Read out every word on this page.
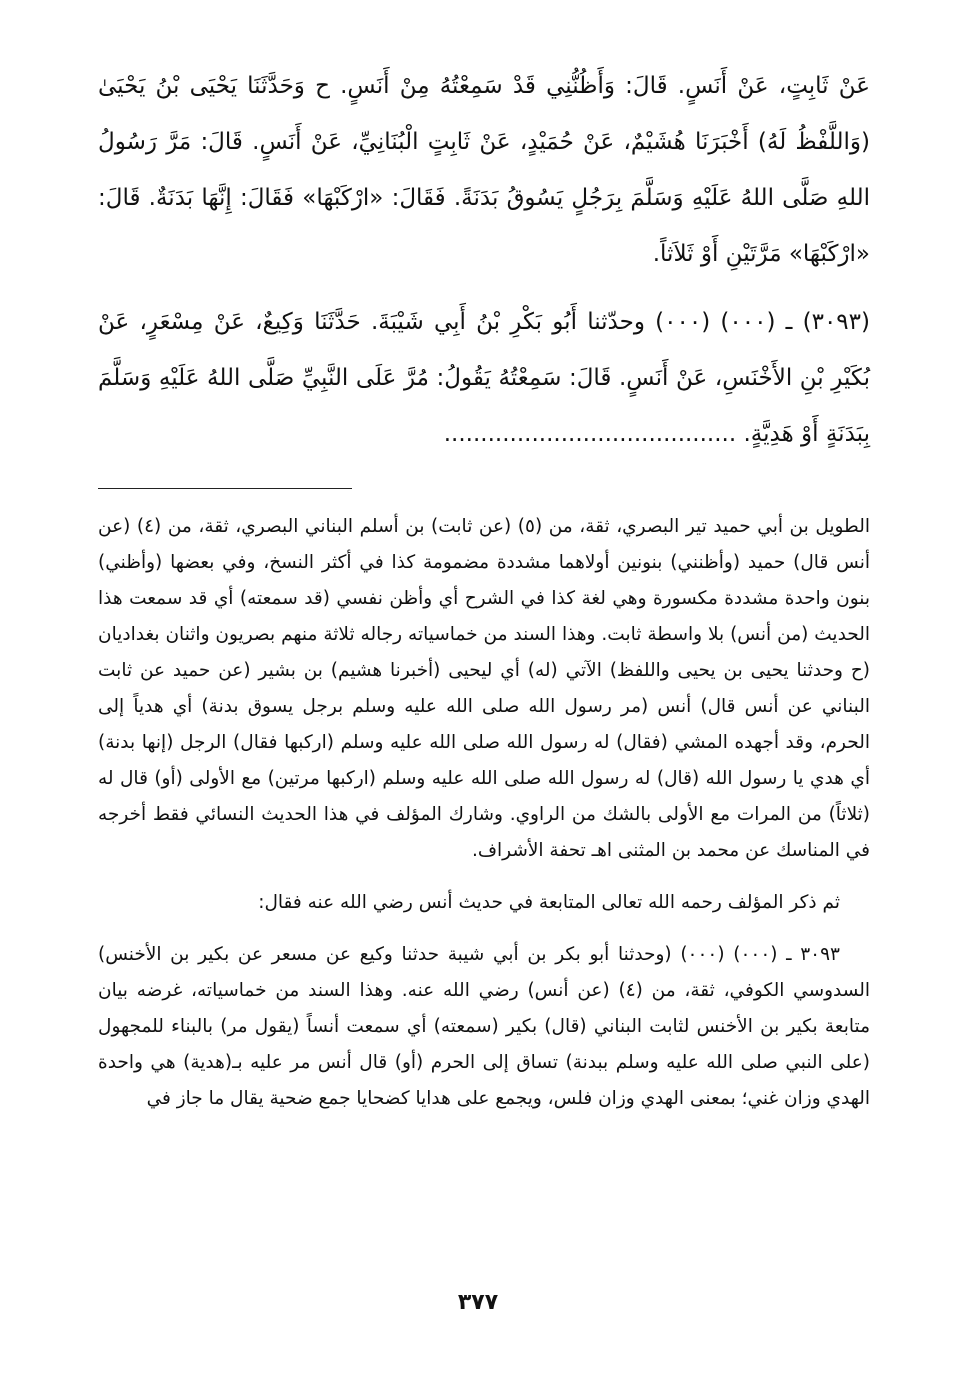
عَنْ ثَابِتٍ، عَنْ أَنَسٍ. قَالَ: وَأَظُنُّنِي قَدْ سَمِعْتُهُ مِنْ أَنَسٍ. ح وَحَدَّثَنَا يَحْيَى بْنُ يَحْيَىٰ (وَاللَّفْظُ لَهُ) أَخْبَرَنَا هُشَيْمٌ، عَنْ حُمَيْدٍ، عَنْ ثَابِتٍ الْبُنَانِيِّ، عَنْ أَنَسٍ. قَالَ: مَرَّ رَسُولُ اللهِ صَلَّى اللهُ عَلَيْهِ وَسَلَّمَ بِرَجُلٍ يَسُوقُ بَدَنَةً. فَقَالَ: «ارْكَبْهَا» فَقَالَ: إِنَّهَا بَدَنَةٌ. قَالَ: «ارْكَبْهَا» مَرَّتَيْنِ أَوْ ثَلاَثاً.

(٣٠٩٣) ـ (٠٠٠) (٠٠٠) وحدّثنا أَبُو بَكْرِ بْنُ أَبِي شَيْبَةَ. حَدَّثَنَا وَكِيعٌ، عَنْ مِسْعَرٍ، عَنْ بُكَيْرِ بْنِ الأَخْنَسِ، عَنْ أَنَسٍ. قَالَ: سَمِعْتُهُ يَقُولُ: مُرَّ عَلَى النَّبِيِّ صَلَّى اللهُ عَلَيْهِ وَسَلَّمَ بِبَدَنَةٍ أَوْ هَدِيَّةٍ. ........................................

الطويل بن أبي حميد تير البصري، ثقة، من (٥) (عن ثابت) بن أسلم البناني البصري، ثقة، من (٤) (عن أنس قال) حميد (وأظنني) بنونين أولاهما مشددة مضمومة كذا في أكثر النسخ، وفي بعضها (وأظني) بنون واحدة مشددة مكسورة وهي لغة كذا في الشرح أي وأظن نفسي (قد سمعته) أي قد سمعت هذا الحديث (من أنس) بلا واسطة ثابت. وهذا السند من خماسياته رجاله ثلاثة منهم بصريون واثنان بغداديان (ح وحدثنا يحيى بن يحيى واللفظ) الآتي (له) أي ليحيى (أخبرنا هشيم) بن بشير (عن حميد عن ثابت البناني عن أنس قال) أنس (مر رسول الله صلى الله عليه وسلم برجل يسوق بدنة) أي هدياً إلى الحرم، وقد أجهده المشي (فقال) له رسول الله صلى الله عليه وسلم (اركبها فقال) الرجل (إنها بدنة) أي هدي يا رسول الله (قال) له رسول الله صلى الله عليه وسلم (اركبها مرتين) مع الأولى (أو) قال له (ثلاثاً) من المرات مع الأولى بالشك من الراوي. وشارك المؤلف في هذا الحديث النسائي فقط أخرجه في المناسك عن محمد بن المثنى اهـ تحفة الأشراف.

ثم ذكر المؤلف رحمه الله تعالى المتابعة في حديث أنس رضي الله عنه فقال:

٣٠٩٣ ـ (٠٠٠) (٠٠٠) (وحدثنا أبو بكر بن أبي شيبة حدثنا وكيع عن مسعر عن بكير بن الأخنس) السدوسي الكوفي، ثقة، من (٤) (عن أنس) رضي الله عنه. وهذا السند من خماسياته، غرضه بيان متابعة بكير بن الأخنس لثابت البناني (قال) بكير (سمعته) أي سمعت أنساً (يقول مر) بالبناء للمجهول (على النبي صلى الله عليه وسلم ببدنة) تساق إلى الحرم (أو) قال أنس مر عليه بـ(هدية) هي واحدة الهدي وزان غني؛ بمعنى الهدي وزان فلس، ويجمع على هدايا كضحايا جمع ضحية يقال ما جاز في

٣٧٧
